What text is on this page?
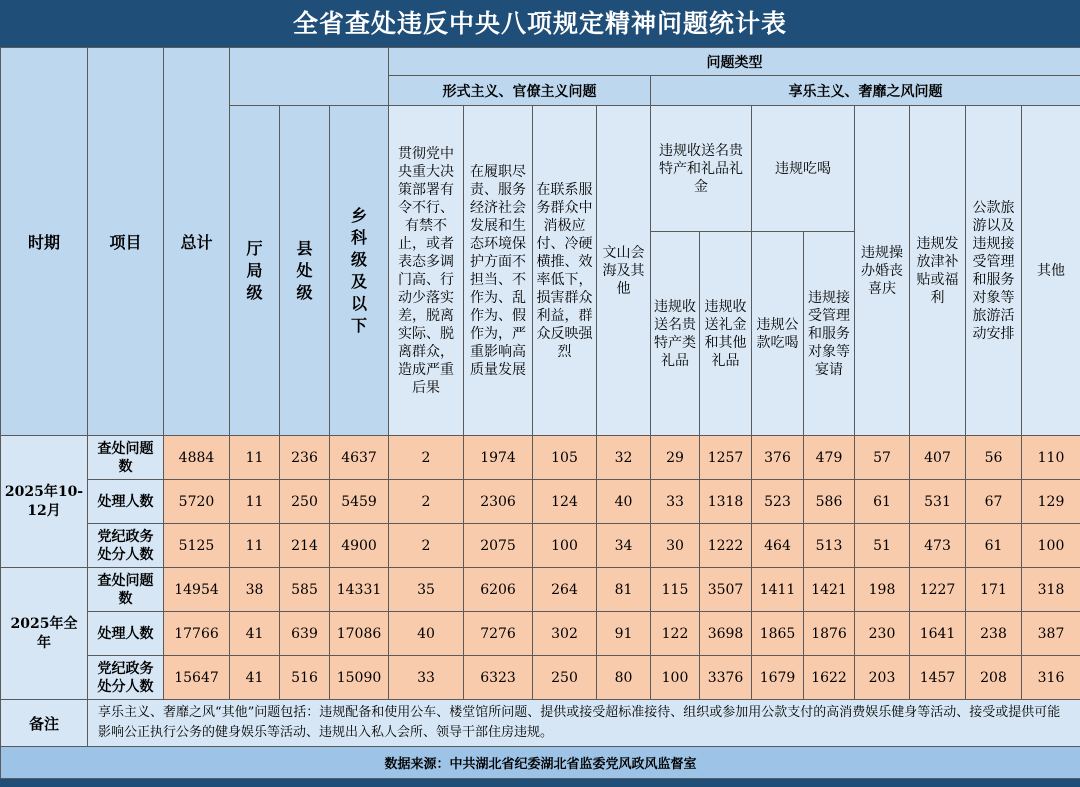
全省查处违反中央八项规定精神问题统计表
时期	项目	总计				问题类型											
						形式主义、官僚主义问题				享乐主义、奢靡之风问题							
			厅局级	县处级	乡科级及以下	贯彻党中央重大决策部署有令不行、有禁不止，或者表态多调门高、行动少落实差，脱离实际、脱离群众，造成严重后果	在履职尽责、服务经济社会发展和生态环境保护方面不担当、不作为、乱作为、假作为，严重影响高质量发展	在联系服务群众中消极应付、冷硬横推、效率低下，损害群众利益，群众反映强烈	文山会海及其他	违规收送名贵特产和礼品礼金		违规吃喝		违规操办婚丧喜庆	违规发放津补贴或福利	公款旅游以及违规接受管理和服务对象等旅游活动安排	其他

										违规收送名贵特产类礼品	违规收送礼金和其他礼品	违规公款吃喝	违规接受管理和服务对象等宴请				

2025年10-12月	查处问题数	4884	11	236	4637	2	1974	105	32	29	1257	376	479	57	407	56	110

	处理人数	5720	11	250	5459	2	2306	124	40	33	1318	523	586	61	531	67	129

	党纪政务处分人数	5125	11	214	4900	2	2075	100	34	30	1222	464	513	51	473	61	100

2025年全年	查处问题数	14954	38	585	14331	35	6206	264	81	115	3507	1411	1421	198	1227	171	318

	处理人数	17766	41	639	17086	40	7276	302	91	122	3698	1865	1876	230	1641	238	387

	党纪政务处分人数	15647	41	516	15090	33	6323	250	80	100	3376	1679	1622	203	1457	208	316
备注	享乐主义、奢靡之风“其他”问题包括：违规配备和使用公车、楼堂馆所问题、提供或接受超标准接待、组织或参加用公款支付的高消费娱乐健身等活动、接受或提供可能影响公正执行公务的健身娱乐等活动、违规出入私人会所、领导干部住房违规。																
数据来源：中共湖北省纪委湖北省监委党风政风监督室																	
